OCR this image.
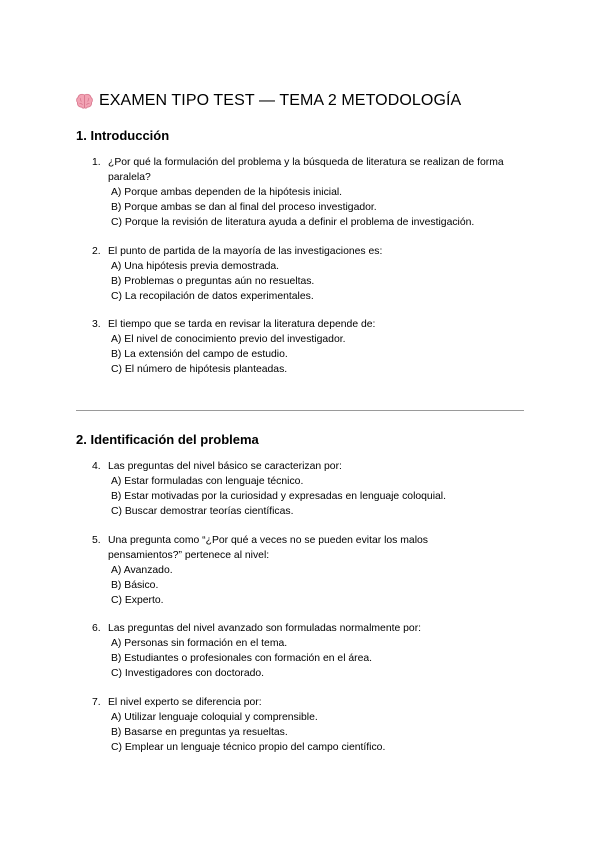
EXAMEN TIPO TEST — TEMA 2 METODOLOGÍA
1. Introducción
1. ¿Por qué la formulación del problema y la búsqueda de literatura se realizan de forma paralela?
A) Porque ambas dependen de la hipótesis inicial.
B) Porque ambas se dan al final del proceso investigador.
C) Porque la revisión de literatura ayuda a definir el problema de investigación.
2. El punto de partida de la mayoría de las investigaciones es:
A) Una hipótesis previa demostrada.
B) Problemas o preguntas aún no resueltas.
C) La recopilación de datos experimentales.
3. El tiempo que se tarda en revisar la literatura depende de:
A) El nivel de conocimiento previo del investigador.
B) La extensión del campo de estudio.
C) El número de hipótesis planteadas.
2. Identificación del problema
4. Las preguntas del nivel básico se caracterizan por:
A) Estar formuladas con lenguaje técnico.
B) Estar motivadas por la curiosidad y expresadas en lenguaje coloquial.
C) Buscar demostrar teorías científicas.
5. Una pregunta como “¿Por qué a veces no se pueden evitar los malos pensamientos?” pertenece al nivel:
A) Avanzado.
B) Básico.
C) Experto.
6. Las preguntas del nivel avanzado son formuladas normalmente por:
A) Personas sin formación en el tema.
B) Estudiantes o profesionales con formación en el área.
C) Investigadores con doctorado.
7. El nivel experto se diferencia por:
A) Utilizar lenguaje coloquial y comprensible.
B) Basarse en preguntas ya resueltas.
C) Emplear un lenguaje técnico propio del campo científico.
